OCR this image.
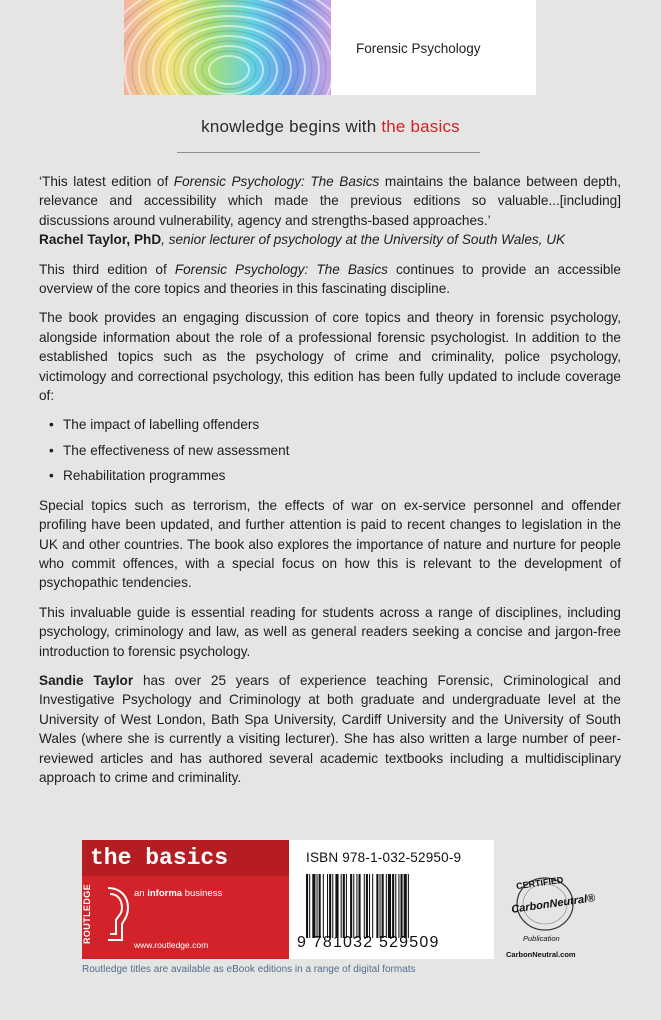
Forensic Psychology
knowledge begins with the basics

‘This latest edition of Forensic Psychology: The Basics maintains the balance between depth, relevance and accessibility which made the previous editions so valuable...[including] discussions around vulnerability, agency and strengths-based approaches.’

Rachel Taylor, PhD, senior lecturer of psychology at the University of South Wales, UK

This third edition of Forensic Psychology: The Basics continues to provide an accessible overview of the core topics and theories in this fascinating discipline.

The book provides an engaging discussion of core topics and theory in forensic psychology, alongside information about the role of a professional forensic psychologist. In addition to the established topics such as the psychology of crime and criminality, police psychology, victimology and correctional psychology, this edition has been fully updated to include coverage of:

• The impact of labelling offenders
• The effectiveness of new assessment
• Rehabilitation programmes

Special topics such as terrorism, the effects of war on ex-service personnel and offender profiling have been updated, and further attention is paid to recent changes to legislation in the UK and other countries. The book also explores the importance of nature and nurture for people who commit offences, with a special focus on how this is relevant to the development of psychopathic tendencies.

This invaluable guide is essential reading for students across a range of disciplines, including psychology, criminology and law, as well as general readers seeking a concise and jargon-free introduction to forensic psychology.

Sandie Taylor has over 25 years of experience teaching Forensic, Criminological and Investigative Psychology and Criminology at both graduate and undergraduate level at the University of West London, Bath Spa University, Cardiff University and the University of South Wales (where she is currently a visiting lecturer). She has also written a large number of peer-reviewed articles and has authored several academic textbooks including a multidisciplinary approach to crime and criminality.

the basics
ROUTLEDGE	an informa business
www.routledge.com
ISBN 978-1-032-52950-9
9 781032 529509
CERTIFIED
CarbonNeutral®
Publication
CarbonNeutral.com
Routledge titles are available as eBook editions in a range of digital formats
